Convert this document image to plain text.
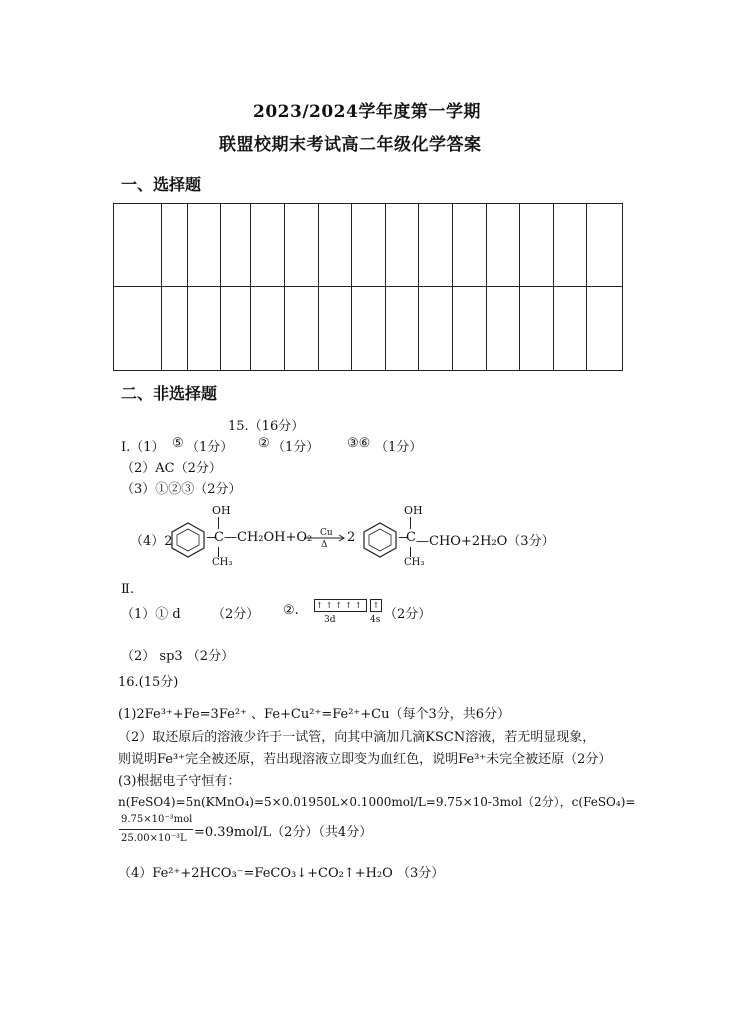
2023/2024学年度第一学期
联盟校期末考试高二年级化学答案
一、选择题

二、非选择题
15.（16分）
Ⅰ.（1） ⑤ （1分） ② （1分） ③⑥ （1分）
（2）AC（2分）
（3）①②③（2分）
（4）2
OH
C
CH₃
—CH₂OH+O₂ Cu
Δ 2
OH
C
CH₃
—CHO+2H₂O（3分）
Ⅱ.
（1）① d （2分） ②. ↑↑↑↑↑
3d
↑
4s （2分）
（2） sp3 （2分）
16.(15分)
(1)2Fe³⁺+Fe=3Fe²⁺ 、Fe+Cu²⁺=Fe²⁺+Cu（每个3分，共6分）
（2）取还原后的溶液少许于一试管，向其中滴加几滴KSCN溶液，若无明显现象，
则说明Fe³⁺完全被还原，若出现溶液立即变为血红色，说明Fe³⁺未完全被还原（2分）
(3)根据电子守恒有：
n(FeSO4)=5n(KMnO₄)=5×0.01950L×0.1000mol/L=9.75×10-3mol（2分），c(FeSO₄)=
9.75×10⁻³mol
25.00×10⁻³L =0.39mol/L（2分）（共4分）
（4）Fe²⁺+2HCO₃⁻=FeCO₃↓+CO₂↑+H₂O （3分）
